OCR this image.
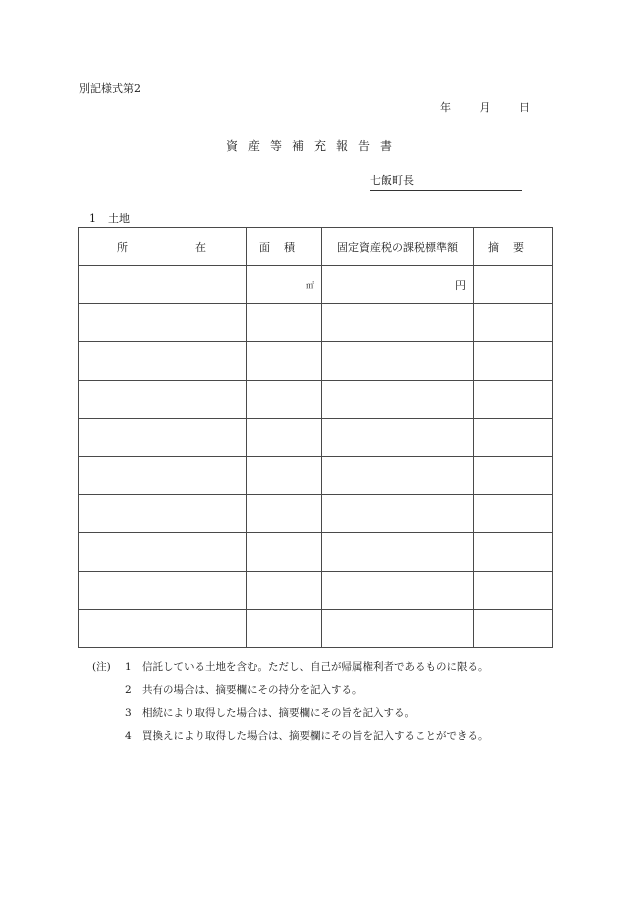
別記様式第2
年	月	日
資産等補充報告書
七飯町長
1 土地
所 在	面積	固定資産税の課税標準額	摘要
	㎡	円	

(注)	1 信託している土地を含む。ただし、自己が帰属権利者であるものに限る。
2 共有の場合は、摘要欄にその持分を記入する。
3 相続により取得した場合は、摘要欄にその旨を記入する。
4 買換えにより取得した場合は、摘要欄にその旨を記入することができる。
